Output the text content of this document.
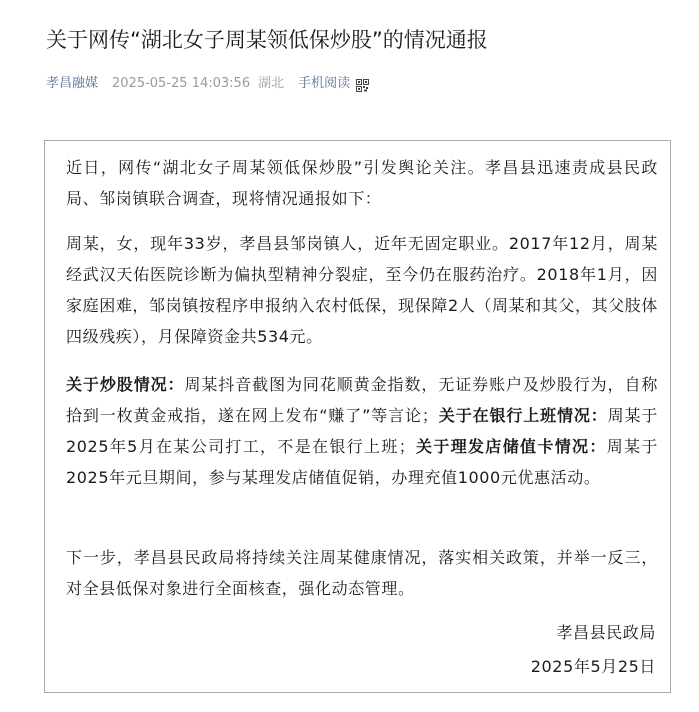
关于网传“湖北女子周某领低保炒股”的情况通报
孝昌融媒 2025-05-25 14:03:56 湖北 手机阅读
近日，网传“湖北女子周某领低保炒股”引发舆论关注。孝昌县迅速责成县民政局、邹岗镇联合调查，现将情况通报如下：
周某，女，现年33岁，孝昌县邹岗镇人，近年无固定职业。2017年12月，周某经武汉天佑医院诊断为偏执型精神分裂症，至今仍在服药治疗。2018年1月，因家庭困难，邹岗镇按程序申报纳入农村低保，现保障2人（周某和其父，其父肢体四级残疾），月保障资金共534元。
关于炒股情况：周某抖音截图为同花顺黄金指数，无证券账户及炒股行为，自称拾到一枚黄金戒指，遂在网上发布“赚了”等言论；关于在银行上班情况：周某于2025年5月在某公司打工，不是在银行上班；关于理发店储值卡情况：周某于2025年元旦期间，参与某理发店储值促销，办理充值1000元优惠活动。
下一步，孝昌县民政局将持续关注周某健康情况，落实相关政策，并举一反三，对全县低保对象进行全面核查，强化动态管理。
孝昌县民政局
2025年5月25日
